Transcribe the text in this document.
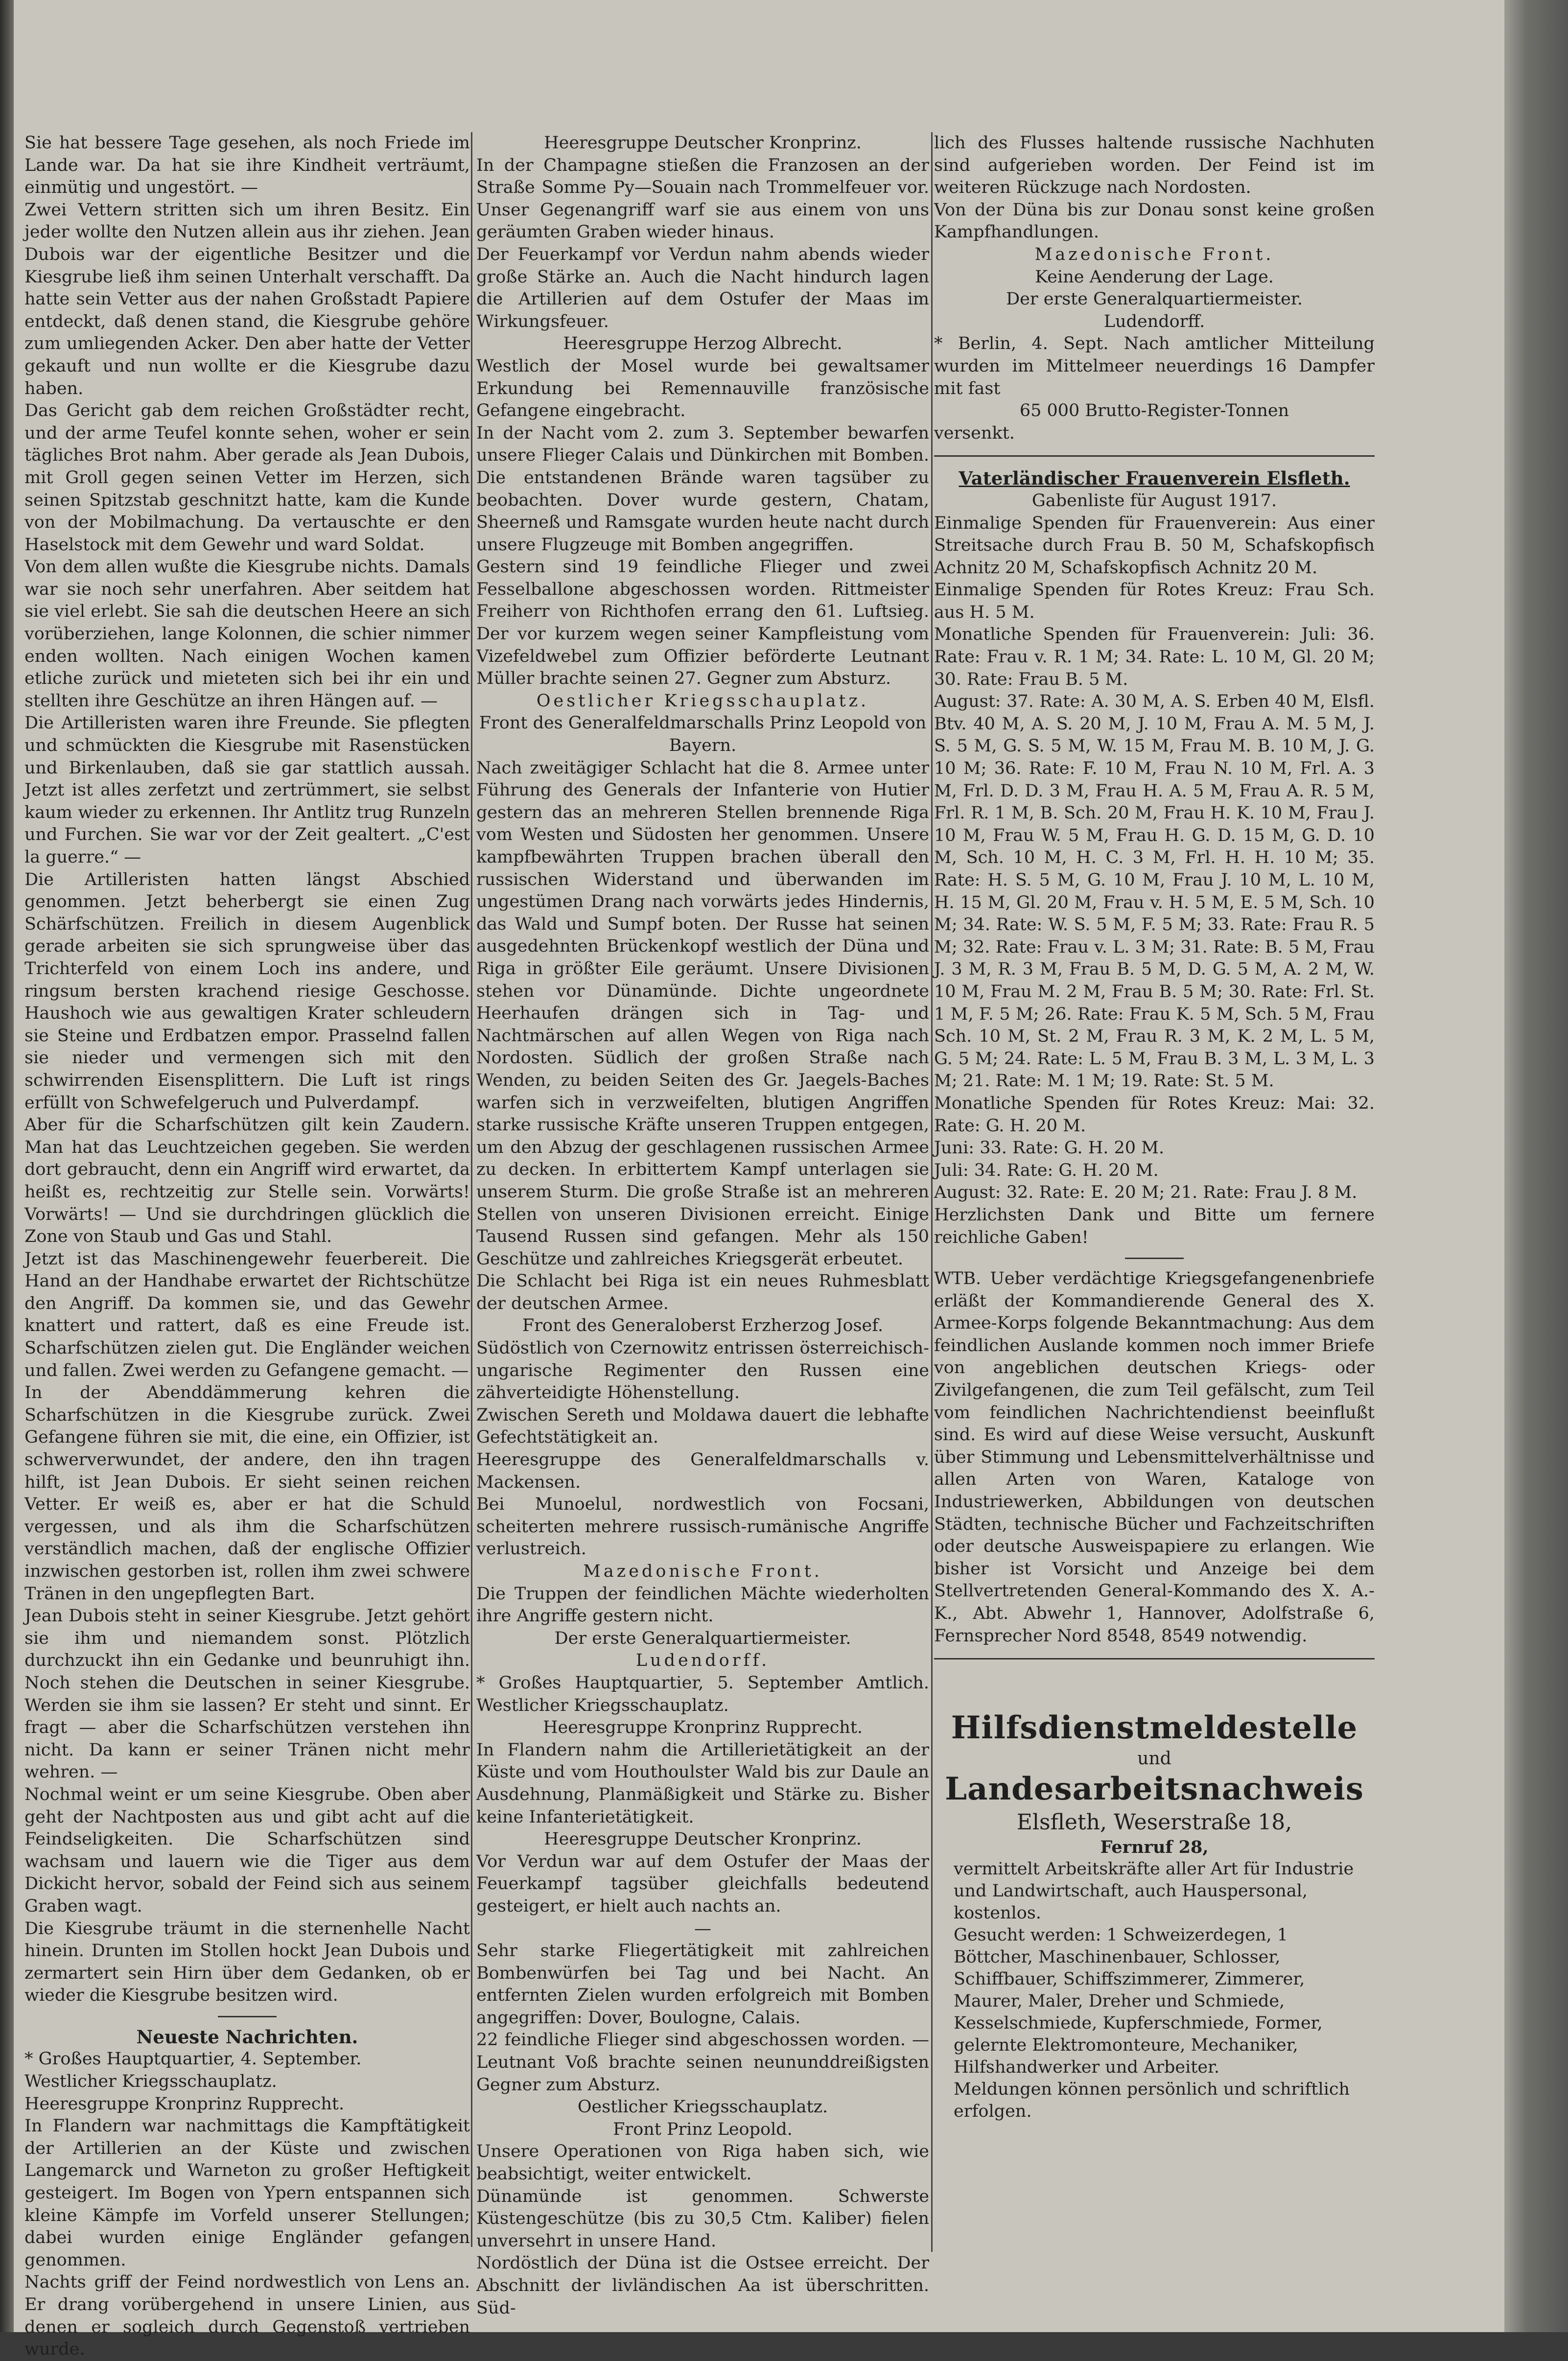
Sie hat bessere Tage gesehen, als noch Friede im Lande war. Da hat sie ihre Kindheit verträumt, einmütig und ungestört. —

Zwei Vettern stritten sich um ihren Besitz. Ein jeder wollte den Nutzen allein aus ihr ziehen. Jean Dubois war der eigentliche Besitzer und die Kiesgrube ließ ihm seinen Unterhalt verschafft. Da hatte sein Vetter aus der nahen Großstadt Papiere entdeckt, daß denen stand, die Kiesgrube gehöre zum umliegenden Acker. Den aber hatte der Vetter gekauft und nun wollte er die Kiesgrube dazu haben.

Das Gericht gab dem reichen Großstädter recht, und der arme Teufel konnte sehen, woher er sein tägliches Brot nahm. Aber gerade als Jean Dubois, mit Groll gegen seinen Vetter im Herzen, sich seinen Spitzstab geschnitzt hatte, kam die Kunde von der Mobilmachung. Da vertauschte er den Haselstock mit dem Gewehr und ward Soldat.

Von dem allen wußte die Kiesgrube nichts. Damals war sie noch sehr unerfahren. Aber seitdem hat sie viel erlebt. Sie sah die deutschen Heere an sich vorüberziehen, lange Kolonnen, die schier nimmer enden wollten. Nach einigen Wochen kamen etliche zurück und mieteten sich bei ihr ein und stellten ihre Geschütze an ihren Hängen auf. —

Die Artilleristen waren ihre Freunde. Sie pflegten und schmückten die Kiesgrube mit Rasenstücken und Birkenlauben, daß sie gar stattlich aussah. Jetzt ist alles zerfetzt und zertrümmert, sie selbst kaum wieder zu erkennen. Ihr Antlitz trug Runzeln und Furchen. Sie war vor der Zeit gealtert. „C'est la guerre.“ —

Die Artilleristen hatten längst Abschied genommen. Jetzt beherbergt sie einen Zug Schärfschützen. Freilich in diesem Augenblick gerade arbeiten sie sich sprungweise über das Trichterfeld von einem Loch ins andere, und ringsum bersten krachend riesige Geschosse. Haushoch wie aus gewaltigen Krater schleudern sie Steine und Erdbatzen empor. Prasselnd fallen sie nieder und vermengen sich mit den schwirrenden Eisensplittern. Die Luft ist rings erfüllt von Schwefelgeruch und Pulverdampf.

Aber für die Scharfschützen gilt kein Zaudern. Man hat das Leuchtzeichen gegeben. Sie werden dort gebraucht, denn ein Angriff wird erwartet, da heißt es, rechtzeitig zur Stelle sein. Vorwärts! Vorwärts! — Und sie durchdringen glücklich die Zone von Staub und Gas und Stahl.

Jetzt ist das Maschinengewehr feuerbereit. Die Hand an der Handhabe erwartet der Richtschütze den Angriff. Da kommen sie, und das Gewehr knattert und rattert, daß es eine Freude ist. Scharfschützen zielen gut. Die Engländer weichen und fallen. Zwei werden zu Gefangene gemacht. —

In der Abenddämmerung kehren die Scharfschützen in die Kiesgrube zurück. Zwei Gefangene führen sie mit, die eine, ein Offizier, ist schwerverwundet, der andere, den ihn tragen hilft, ist Jean Dubois. Er sieht seinen reichen Vetter. Er weiß es, aber er hat die Schuld vergessen, und als ihm die Scharfschützen verständlich machen, daß der englische Offizier inzwischen gestorben ist, rollen ihm zwei schwere Tränen in den ungepflegten Bart.

Jean Dubois steht in seiner Kiesgrube. Jetzt gehört sie ihm und niemandem sonst. Plötzlich durchzuckt ihn ein Gedanke und beunruhigt ihn. Noch stehen die Deutschen in seiner Kiesgrube. Werden sie ihm sie lassen? Er steht und sinnt. Er fragt — aber die Scharfschützen verstehen ihn nicht. Da kann er seiner Tränen nicht mehr wehren. —

Nochmal weint er um seine Kiesgrube. Oben aber geht der Nachtposten aus und gibt acht auf die Feindseligkeiten. Die Scharfschützen sind wachsam und lauern wie die Tiger aus dem Dickicht hervor, sobald der Feind sich aus seinem Graben wagt.

Die Kiesgrube träumt in die sternenhelle Nacht hinein. Drunten im Stollen hockt Jean Dubois und zermartert sein Hirn über dem Gedanken, ob er wieder die Kiesgrube besitzen wird.

Neueste Nachrichten.

* Großes Hauptquartier, 4. September.

Westlicher Kriegsschauplatz.

Heeresgruppe Kronprinz Rupprecht.

In Flandern war nachmittags die Kampftätigkeit der Artillerien an der Küste und zwischen Langemarck und Warneton zu großer Heftigkeit gesteigert. Im Bogen von Ypern entspannen sich kleine Kämpfe im Vorfeld unserer Stellungen; dabei wurden einige Engländer gefangen genommen.

Nachts griff der Feind nordwestlich von Lens an. Er drang vorübergehend in unsere Linien, aus denen er sogleich durch Gegenstoß vertrieben wurde.

Heeresgruppe Deutscher Kronprinz.

In der Champagne stießen die Franzosen an der Straße Somme Py—Souain nach Trommelfeuer vor. Unser Gegenangriff warf sie aus einem von uns geräumten Graben wieder hinaus.

Der Feuerkampf vor Verdun nahm abends wieder große Stärke an. Auch die Nacht hindurch lagen die Artillerien auf dem Ostufer der Maas im Wirkungsfeuer.

Heeresgruppe Herzog Albrecht.

Westlich der Mosel wurde bei gewaltsamer Erkundung bei Remennauville französische Gefangene eingebracht.

In der Nacht vom 2. zum 3. September bewarfen unsere Flieger Calais und Dünkirchen mit Bomben. Die entstandenen Brände waren tagsüber zu beobachten. Dover wurde gestern, Chatam, Sheerneß und Ramsgate wurden heute nacht durch unsere Flugzeuge mit Bomben angegriffen.

Gestern sind 19 feindliche Flieger und zwei Fesselballone abgeschossen worden. Rittmeister Freiherr von Richthofen errang den 61. Luftsieg. Der vor kurzem wegen seiner Kampfleistung vom Vizefeldwebel zum Offizier beförderte Leutnant Müller brachte seinen 27. Gegner zum Absturz.

Oestlicher Kriegsschauplatz.

Front des Generalfeldmarschalls Prinz Leopold von Bayern.

Nach zweitägiger Schlacht hat die 8. Armee unter Führung des Generals der Infanterie von Hutier gestern das an mehreren Stellen brennende Riga vom Westen und Südosten her genommen. Unsere kampfbewährten Truppen brachen überall den russischen Widerstand und überwanden im ungestümen Drang nach vorwärts jedes Hindernis, das Wald und Sumpf boten. Der Russe hat seinen ausgedehnten Brückenkopf westlich der Düna und Riga in größter Eile geräumt. Unsere Divisionen stehen vor Dünamünde. Dichte ungeordnete Heerhaufen drängen sich in Tag- und Nachtmärschen auf allen Wegen von Riga nach Nordosten. Südlich der großen Straße nach Wenden, zu beiden Seiten des Gr. Jaegels-Baches warfen sich in verzweifelten, blutigen Angriffen starke russische Kräfte unseren Truppen entgegen, um den Abzug der geschlagenen russischen Armee zu decken. In erbittertem Kampf unterlagen sie unserem Sturm. Die große Straße ist an mehreren Stellen von unseren Divisionen erreicht. Einige Tausend Russen sind gefangen. Mehr als 150 Geschütze und zahlreiches Kriegsgerät erbeutet.

Die Schlacht bei Riga ist ein neues Ruhmesblatt der deutschen Armee.

Front des Generaloberst Erzherzog Josef.

Südöstlich von Czernowitz entrissen österreichisch-ungarische Regimenter den Russen eine zähverteidigte Höhenstellung.

Zwischen Sereth und Moldawa dauert die lebhafte Gefechtstätigkeit an.

Heeresgruppe des Generalfeldmarschalls v. Mackensen.

Bei Munoelul, nordwestlich von Focsani, scheiterten mehrere russisch-rumänische Angriffe verlustreich.

Mazedonische Front.

Die Truppen der feindlichen Mächte wiederholten ihre Angriffe gestern nicht.

Der erste Generalquartiermeister.

Ludendorff.

* Großes Hauptquartier, 5. September Amtlich. Westlicher Kriegsschauplatz.

Heeresgruppe Kronprinz Rupprecht.

In Flandern nahm die Artillerietätigkeit an der Küste und vom Houthoulster Wald bis zur Daule an Ausdehnung, Planmäßigkeit und Stärke zu. Bisher keine Infanterietätigkeit.

Heeresgruppe Deutscher Kronprinz.

Vor Verdun war auf dem Ostufer der Maas der Feuerkampf tagsüber gleichfalls bedeutend gesteigert, er hielt auch nachts an.

—

Sehr starke Fliegertätigkeit mit zahlreichen Bombenwürfen bei Tag und bei Nacht. An entfernten Zielen wurden erfolgreich mit Bomben angegriffen: Dover, Boulogne, Calais.

22 feindliche Flieger sind abgeschossen worden. — Leutnant Voß brachte seinen neununddreißigsten Gegner zum Absturz.

Oestlicher Kriegsschauplatz.

Front Prinz Leopold.

Unsere Operationen von Riga haben sich, wie beabsichtigt, weiter entwickelt.

Dünamünde ist genommen. Schwerste Küstengeschütze (bis zu 30,5 Ctm. Kaliber) fielen unversehrt in unsere Hand.

Nordöstlich der Düna ist die Ostsee erreicht. Der Abschnitt der livländischen Aa ist überschritten. Süd-

lich des Flusses haltende russische Nachhuten sind aufgerieben worden. Der Feind ist im weiteren Rückzuge nach Nordosten.

Von der Düna bis zur Donau sonst keine großen Kampfhandlungen.

Mazedonische Front.

Keine Aenderung der Lage.

Der erste Generalquartiermeister.

Ludendorff.

* Berlin, 4. Sept. Nach amtlicher Mitteilung wurden im Mittelmeer neuerdings 16 Dampfer mit fast

65 000 Brutto-Register-Tonnen

versenkt.

Vaterländischer Frauenverein Elsfleth.

Gabenliste für August 1917.

Einmalige Spenden für Frauenverein: Aus einer Streitsache durch Frau B. 50 M, Schafskopfisch Achnitz 20 M, Schafskopfisch Achnitz 20 M.

Einmalige Spenden für Rotes Kreuz: Frau Sch. aus H. 5 M.

Monatliche Spenden für Frauenverein: Juli: 36. Rate: Frau v. R. 1 M; 34. Rate: L. 10 M, Gl. 20 M; 30. Rate: Frau B. 5 M.

August: 37. Rate: A. 30 M, A. S. Erben 40 M, Elsfl. Btv. 40 M, A. S. 20 M, J. 10 M, Frau A. M. 5 M, J. S. 5 M, G. S. 5 M, W. 15 M, Frau M. B. 10 M, J. G. 10 M; 36. Rate: F. 10 M, Frau N. 10 M, Frl. A. 3 M, Frl. D. D. 3 M, Frau H. A. 5 M, Frau A. R. 5 M, Frl. R. 1 M, B. Sch. 20 M, Frau H. K. 10 M, Frau J. 10 M, Frau W. 5 M, Frau H. G. D. 15 M, G. D. 10 M, Sch. 10 M, H. C. 3 M, Frl. H. H. 10 M; 35. Rate: H. S. 5 M, G. 10 M, Frau J. 10 M, L. 10 M, H. 15 M, Gl. 20 M, Frau v. H. 5 M, E. 5 M, Sch. 10 M; 34. Rate: W. S. 5 M, F. 5 M; 33. Rate: Frau R. 5 M; 32. Rate: Frau v. L. 3 M; 31. Rate: B. 5 M, Frau J. 3 M, R. 3 M, Frau B. 5 M, D. G. 5 M, A. 2 M, W. 10 M, Frau M. 2 M, Frau B. 5 M; 30. Rate: Frl. St. 1 M, F. 5 M; 26. Rate: Frau K. 5 M, Sch. 5 M, Frau Sch. 10 M, St. 2 M, Frau R. 3 M, K. 2 M, L. 5 M, G. 5 M; 24. Rate: L. 5 M, Frau B. 3 M, L. 3 M, L. 3 M; 21. Rate: M. 1 M; 19. Rate: St. 5 M.

Monatliche Spenden für Rotes Kreuz: Mai: 32. Rate: G. H. 20 M.

Juni: 33. Rate: G. H. 20 M.

Juli: 34. Rate: G. H. 20 M.

August: 32. Rate: E. 20 M; 21. Rate: Frau J. 8 M.

Herzlichsten Dank und Bitte um fernere reichliche Gaben!

WTB. Ueber verdächtige Kriegsgefangenenbriefe erläßt der Kommandierende General des X. Armee-Korps folgende Bekanntmachung: Aus dem feindlichen Auslande kommen noch immer Briefe von angeblichen deutschen Kriegs- oder Zivilgefangenen, die zum Teil gefälscht, zum Teil vom feindlichen Nachrichtendienst beeinflußt sind. Es wird auf diese Weise versucht, Auskunft über Stimmung und Lebensmittelverhältnisse und allen Arten von Waren, Kataloge von Industriewerken, Abbildungen von deutschen Städten, technische Bücher und Fachzeitschriften oder deutsche Ausweispapiere zu erlangen. Wie bisher ist Vorsicht und Anzeige bei dem Stellvertretenden General-Kommando des X. A.-K., Abt. Abwehr 1, Hannover, Adolfstraße 6, Fernsprecher Nord 8548, 8549 notwendig.

Hilfsdienstmeldestelle
und
Landesarbeitsnachweis
Elsfleth, Weserstraße 18,
Fernruf 28,
vermittelt Arbeitskräfte aller Art für Industrie und Landwirtschaft, auch Hauspersonal, kostenlos.
Gesucht werden: 1 Schweizerdegen, 1 Böttcher, Maschinenbauer, Schlosser, Schiffbauer, Schiffszimmerer, Zimmerer, Maurer, Maler, Dreher und Schmiede, Kesselschmiede, Kupferschmiede, Former, gelernte Elektromonteure, Mechaniker, Hilfshandwerker und Arbeiter.
Meldungen können persönlich und schriftlich erfolgen.
